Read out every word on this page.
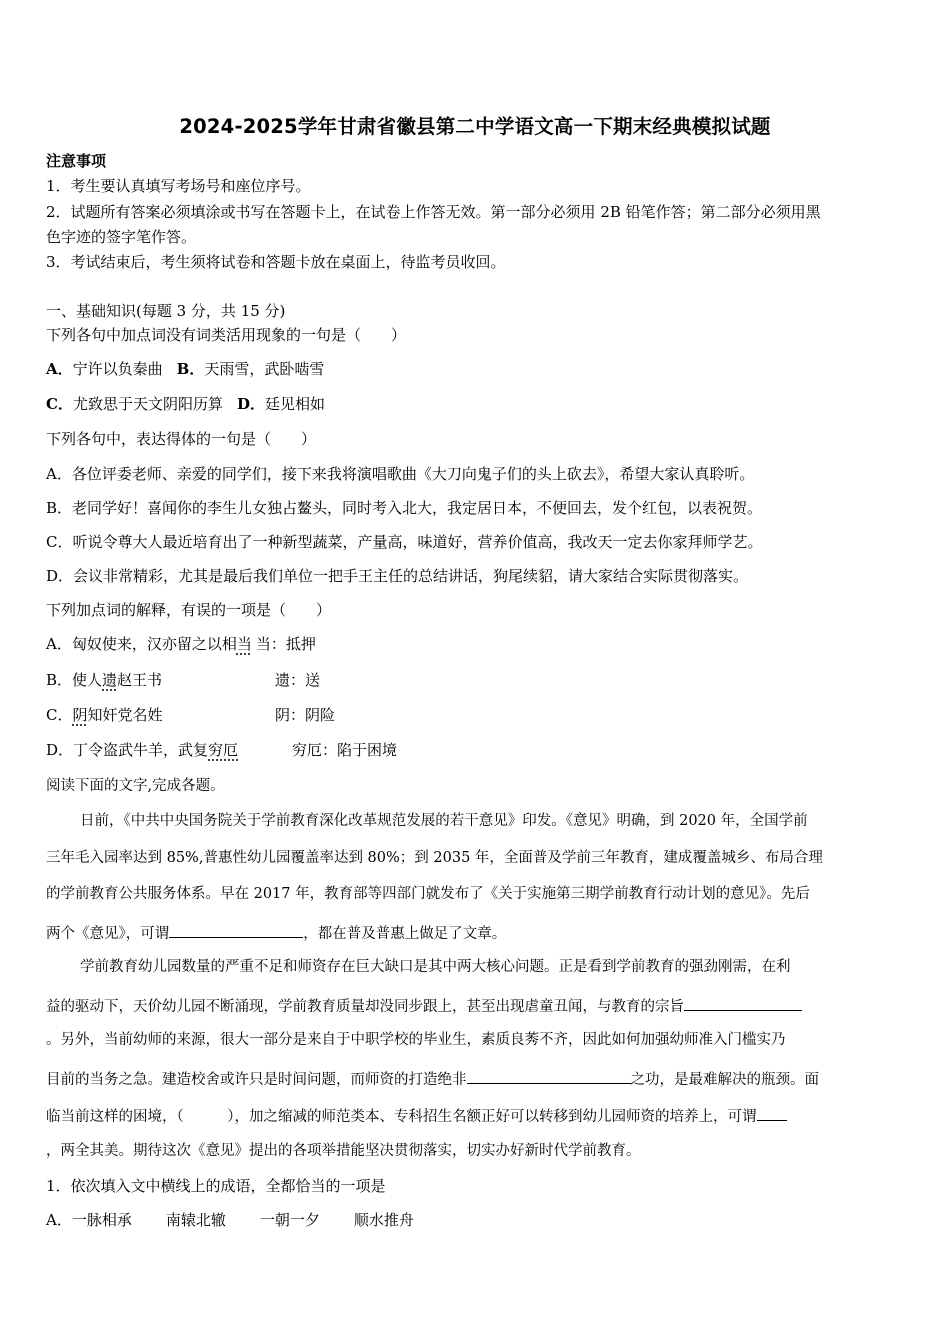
2024-2025学年甘肃省徽县第二中学语文高一下期末经典模拟试题
注意事项
1．考生要认真填写考场号和座位序号。
2．试题所有答案必须填涂或书写在答题卡上，在试卷上作答无效。第一部分必须用 2B 铅笔作答；第二部分必须用黑
色字迹的签字笔作答。
3．考试结束后，考生须将试卷和答题卡放在桌面上，待监考员收回。
一、基础知识(每题 3 分，共 15 分)
下列各句中加点词没有词类活用现象的一句是（　　）
A．宁许以负秦曲 B．天雨雪，武卧啮雪
C．尤致思于天文阴阳历算 D．廷见相如
下列各句中，表达得体的一句是（　　）
A．各位评委老师、亲爱的同学们，接下来我将演唱歌曲《大刀向鬼子们的头上砍去》，希望大家认真聆听。
B．老同学好！喜闻你的李生儿女独占鳌头，同时考入北大，我定居日本，不便回去，发个红包，以表祝贺。
C．听说令尊大人最近培育出了一种新型蔬菜，产量高，味道好，营养价值高，我改天一定去你家拜师学艺。
D．会议非常精彩，尤其是最后我们单位一把手王主任的总结讲话，狗尾续貂，请大家结合实际贯彻落实。
下列加点词的解释，有误的一项是（　　）
A．匈奴使来，汉亦留之以相当 当：抵押
B．使人遗赵王书	遗：送
C．阴知奸党名姓	阴：阴险
D．丁令盗武牛羊，武复穷厄	穷厄：陷于困境
阅读下面的文字,完成各题。
日前，《中共中央国务院关于学前教育深化改革规范发展的若干意见》印发。《意见》明确，到 2020 年，全国学前
三年毛入园率达到 85%,普惠性幼儿园覆盖率达到 80%；到 2035 年，全面普及学前三年教育，建成覆盖城乡、布局合理
的学前教育公共服务体系。早在 2017 年，教育部等四部门就发布了《关于实施第三期学前教育行动计划的意见》。先后
两个《意见》，可谓	，都在普及普惠上做足了文章。
学前教育幼儿园数量的严重不足和师资存在巨大缺口是其中两大核心问题。正是看到学前教育的强劲刚需，在利
益的驱动下，天价幼儿园不断涌现，学前教育质量却没同步跟上，甚至出现虐童丑闻，与教育的宗旨
。另外，当前幼师的来源，很大一部分是来自于中职学校的毕业生，素质良莠不齐，因此如何加强幼师准入门槛实乃
目前的当务之急。建造校舍或许只是时间问题，而师资的打造绝非	之功，是最难解决的瓶颈。面
临当前这样的困境，（　　　），加之缩减的师范类本、专科招生名额正好可以转移到幼儿园师资的培养上，可谓
，两全其美。期待这次《意见》提出的各项举措能坚决贯彻落实，切实办好新时代学前教育。
1．依次填入文中横线上的成语，全都恰当的一项是
A．一脉相承 南辕北辙 一朝一夕 顺水推舟
